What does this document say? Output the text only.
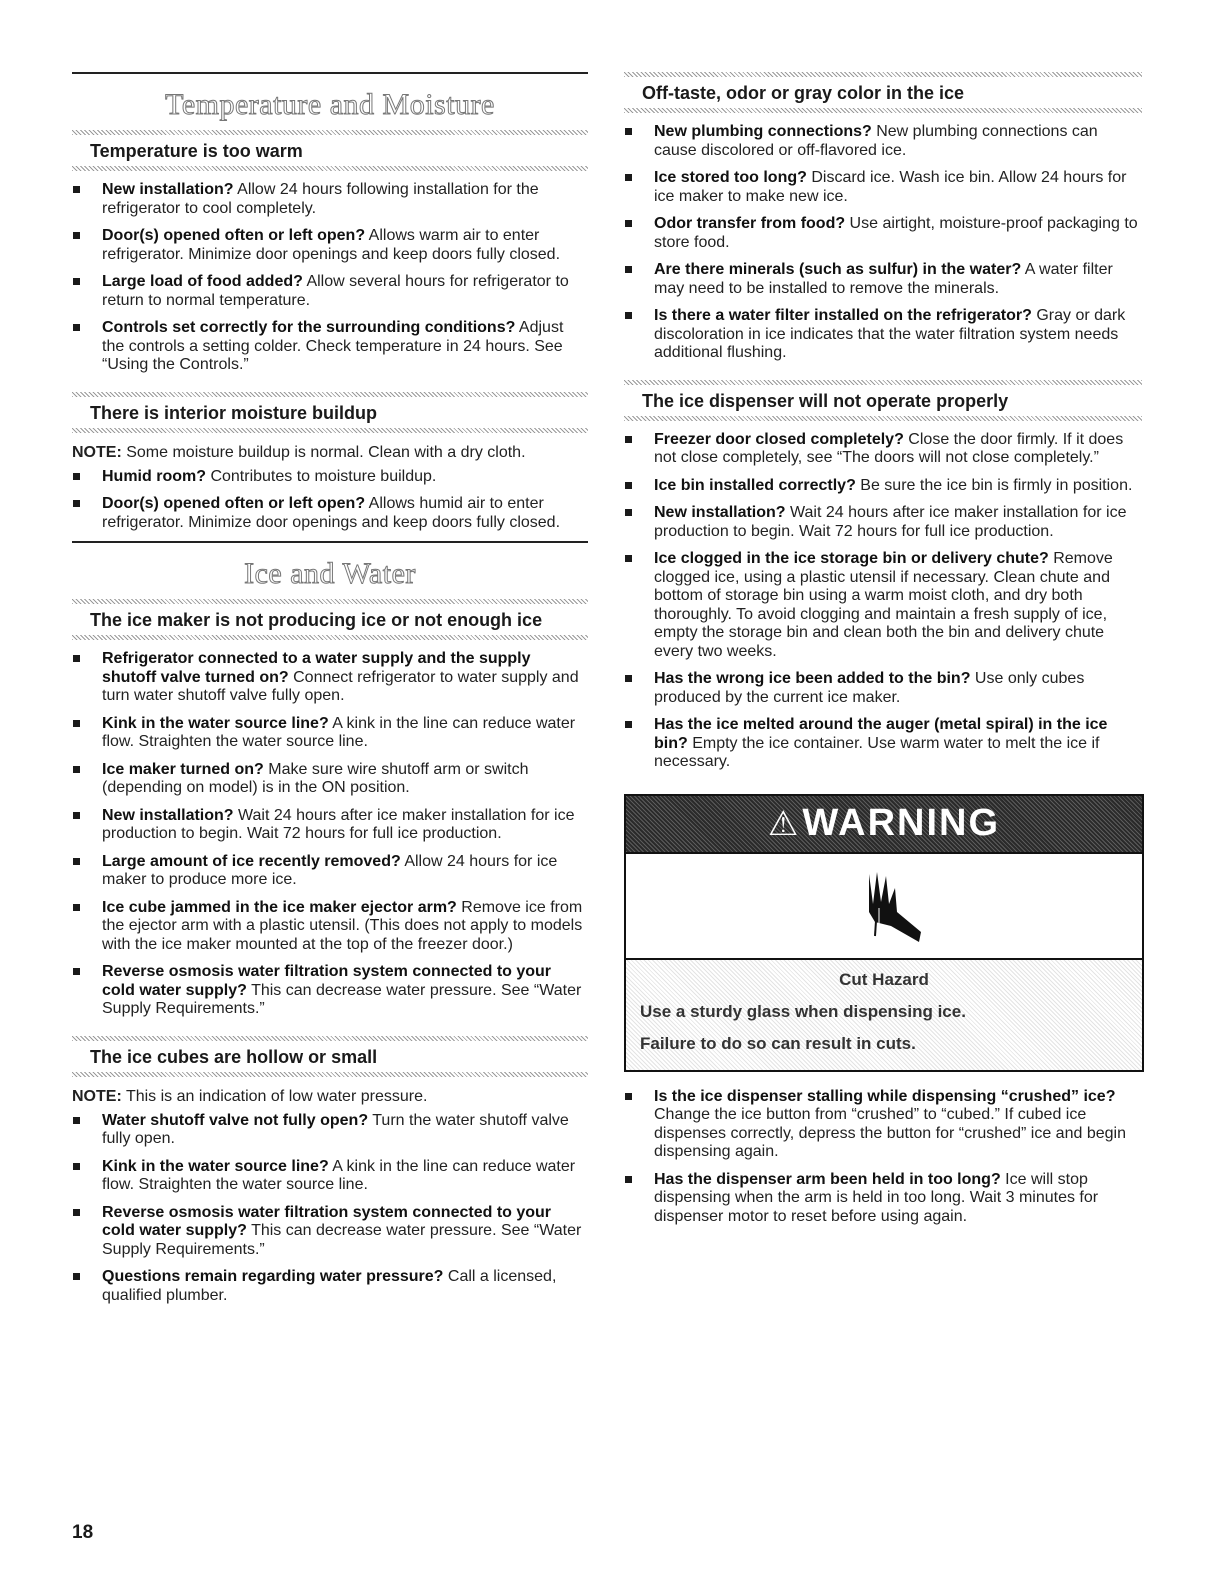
Temperature and Moisture
Temperature is too warm
New installation? Allow 24 hours following installation for the refrigerator to cool completely.
Door(s) opened often or left open? Allows warm air to enter refrigerator. Minimize door openings and keep doors fully closed.
Large load of food added? Allow several hours for refrigerator to return to normal temperature.
Controls set correctly for the surrounding conditions? Adjust the controls a setting colder. Check temperature in 24 hours. See “Using the Controls.”
There is interior moisture buildup
NOTE: Some moisture buildup is normal. Clean with a dry cloth.
Humid room? Contributes to moisture buildup.
Door(s) opened often or left open? Allows humid air to enter refrigerator. Minimize door openings and keep doors fully closed.
Ice and Water
The ice maker is not producing ice or not enough ice
Refrigerator connected to a water supply and the supply shutoff valve turned on? Connect refrigerator to water supply and turn water shutoff valve fully open.
Kink in the water source line? A kink in the line can reduce water flow. Straighten the water source line.
Ice maker turned on? Make sure wire shutoff arm or switch (depending on model) is in the ON position.
New installation? Wait 24 hours after ice maker installation for ice production to begin. Wait 72 hours for full ice production.
Large amount of ice recently removed? Allow 24 hours for ice maker to produce more ice.
Ice cube jammed in the ice maker ejector arm? Remove ice from the ejector arm with a plastic utensil. (This does not apply to models with the ice maker mounted at the top of the freezer door.)
Reverse osmosis water filtration system connected to your cold water supply? This can decrease water pressure. See “Water Supply Requirements.”
The ice cubes are hollow or small
NOTE: This is an indication of low water pressure.
Water shutoff valve not fully open? Turn the water shutoff valve fully open.
Kink in the water source line? A kink in the line can reduce water flow. Straighten the water source line.
Reverse osmosis water filtration system connected to your cold water supply? This can decrease water pressure. See “Water Supply Requirements.”
Questions remain regarding water pressure? Call a licensed, qualified plumber.
Off-taste, odor or gray color in the ice
New plumbing connections? New plumbing connections can cause discolored or off-flavored ice.
Ice stored too long? Discard ice. Wash ice bin. Allow 24 hours for ice maker to make new ice.
Odor transfer from food? Use airtight, moisture-proof packaging to store food.
Are there minerals (such as sulfur) in the water? A water filter may need to be installed to remove the minerals.
Is there a water filter installed on the refrigerator? Gray or dark discoloration in ice indicates that the water filtration system needs additional flushing.
The ice dispenser will not operate properly
Freezer door closed completely? Close the door firmly. If it does not close completely, see “The doors will not close completely.”
Ice bin installed correctly? Be sure the ice bin is firmly in position.
New installation? Wait 24 hours after ice maker installation for ice production to begin. Wait 72 hours for full ice production.
Ice clogged in the ice storage bin or delivery chute? Remove clogged ice, using a plastic utensil if necessary. Clean chute and bottom of storage bin using a warm moist cloth, and dry both thoroughly. To avoid clogging and maintain a fresh supply of ice, empty the storage bin and clean both the bin and delivery chute every two weeks.
Has the wrong ice been added to the bin? Use only cubes produced by the current ice maker.
Has the ice melted around the auger (metal spiral) in the ice bin? Empty the ice container. Use warm water to melt the ice if necessary.
⚠ WARNING
Cut Hazard
Use a sturdy glass when dispensing ice.
Failure to do so can result in cuts.
Is the ice dispenser stalling while dispensing “crushed” ice? Change the ice button from “crushed” to “cubed.” If cubed ice dispenses correctly, depress the button for “crushed” ice and begin dispensing again.
Has the dispenser arm been held in too long? Ice will stop dispensing when the arm is held in too long. Wait 3 minutes for dispenser motor to reset before using again.
18
